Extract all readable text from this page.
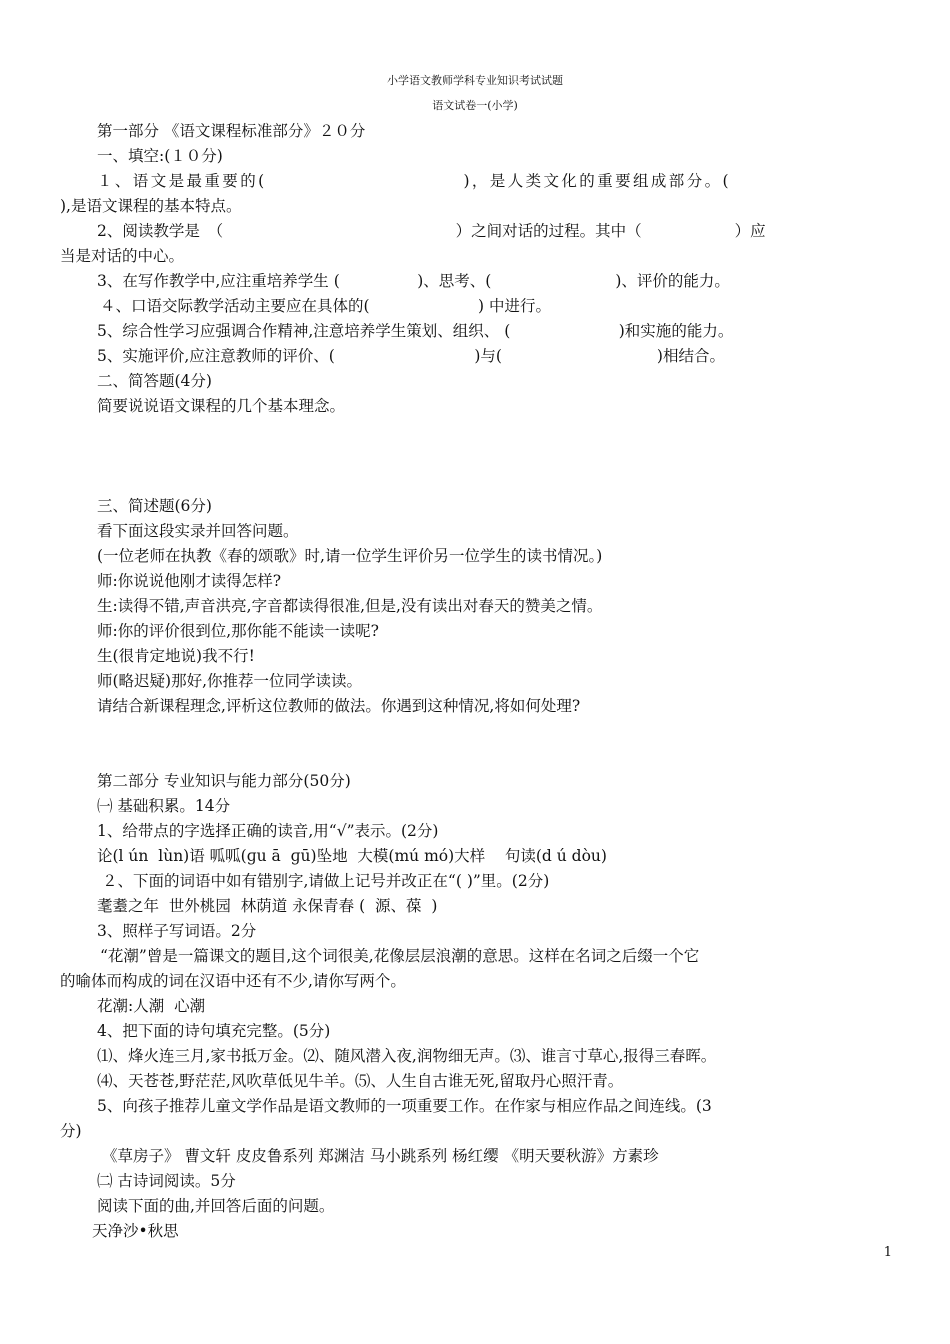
小学语文教师学科专业知识考试试题
语文试卷一(小学)
第一部分 《语文课程标准部分》２０分
一、填空:(１０分)
１、语文是最重要的(　　　　　　　　　　　)，是人类文化的重要组成部分。(
),是语文课程的基本特点。
2、阅读教学是　（　　　　　　　　　　　　　　　）之间对话的过程。其中（　　　　　　）应
当是对话的中心。
3、在写作教学中,应注重培养学生 (　　　　　)、思考、(　　　　　　　　)、评价的能力。
４、口语交际教学活动主要应在具体的(　　　　　　　) 中进行。
5、综合性学习应强调合作精神,注意培养学生策划、组织、 (　　　　　　　)和实施的能力。
5、实施评价,应注意教师的评价、(　　　　　　　　　)与(　　　　　　　　　　)相结合。
二、简答题(4分)
简要说说语文课程的几个基本理念。
三、简述题(6分)
看下面这段实录并回答问题。
(一位老师在执教《春的颂歌》时,请一位学生评价另一位学生的读书情况。)
师:你说说他刚才读得怎样?
生:读得不错,声音洪亮,字音都读得很准,但是,没有读出对春天的赞美之情。
师:你的评价很到位,那你能不能读一读呢?
生(很肯定地说)我不行!
师(略迟疑)那好,你推荐一位同学读读。
请结合新课程理念,评析这位教师的做法。你遇到这种情况,将如何处理?
第二部分 专业知识与能力部分(50分)
㈠ 基础积累。14分
1、给带点的字选择正确的读音,用“√”表示。(2分)
论(l ún  lùn)语 呱呱(ɡu ā  ɡū)坠地  大模(mú mó)大样    句读(d ú dòu)
２、下面的词语中如有错别字,请做上记号并改正在“( )”里。(2分)
耄耋之年  世外桃园  林荫道 永保青春 (  源、葆  )
3、照样子写词语。2分
“花潮”曾是一篇课文的题目,这个词很美,花像层层浪潮的意思。这样在名词之后缀一个它
的喻体而构成的词在汉语中还有不少,请你写两个。
花潮:人潮  心潮
4、把下面的诗句填充完整。(5分)
⑴、烽火连三月,家书抵万金。⑵、随风潜入夜,润物细无声。⑶、谁言寸草心,报得三春晖。
⑷、天苍苍,野茫茫,风吹草低见牛羊。⑸、人生自古谁无死,留取丹心照汗青。
5、向孩子推荐儿童文学作品是语文教师的一项重要工作。在作家与相应作品之间连线。(3
分)
《草房子》 曹文轩 皮皮鲁系列 郑渊洁 马小跳系列 杨红缨 《明天要秋游》方素珍
㈡ 古诗词阅读。5分
阅读下面的曲,并回答后面的问题。
天净沙•秋思
1
